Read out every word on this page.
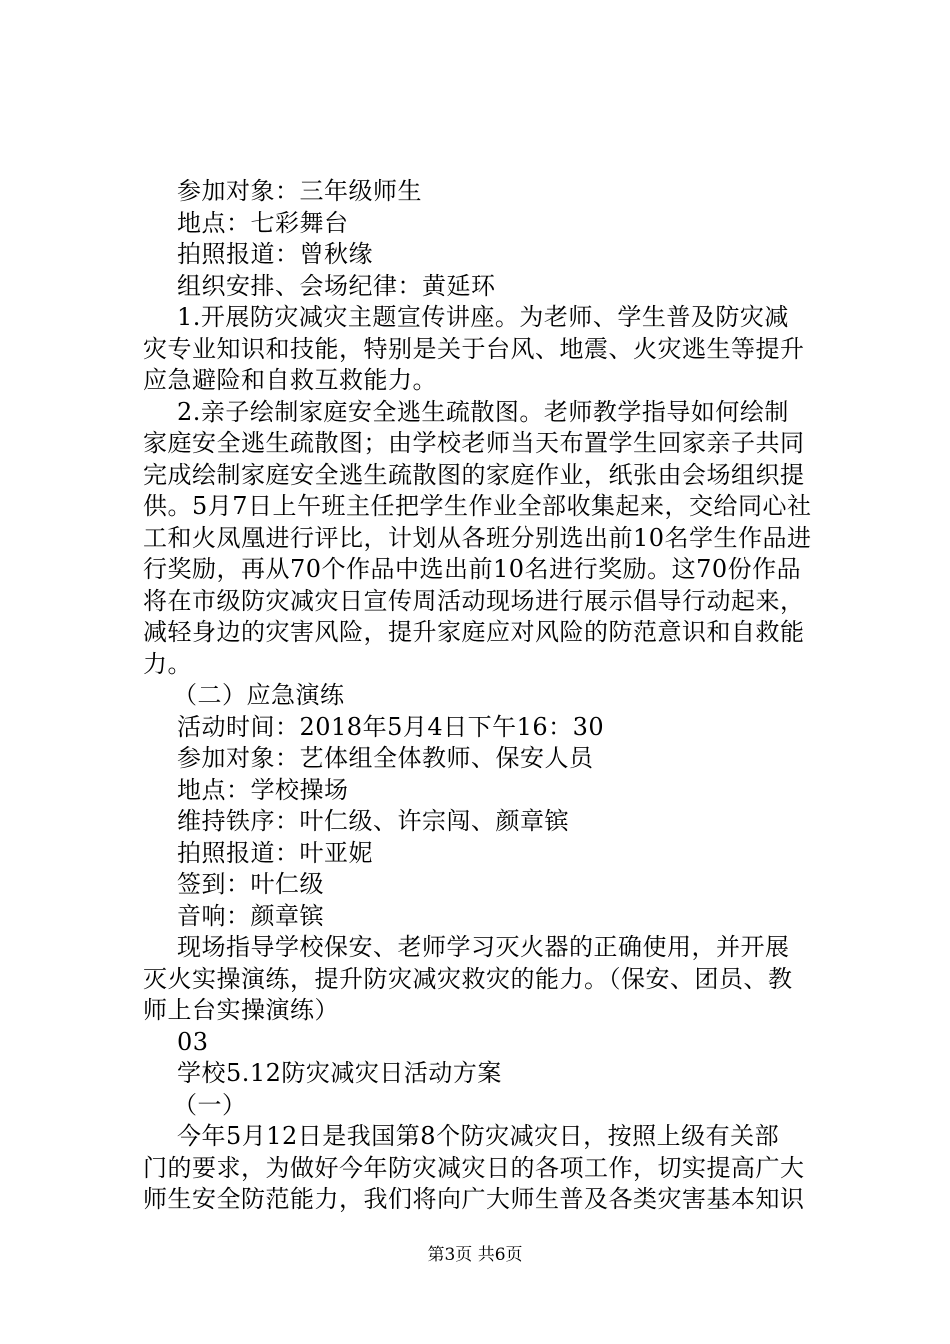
参加对象：三年级师生
地点：七彩舞台
拍照报道：曾秋缘
组织安排、会场纪律：黄延环
1.开展防灾减灾主题宣传讲座。为老师、学生普及防灾减
灾专业知识和技能，特别是关于台风、地震、火灾逃生等提升
应急避险和自救互救能力。
2.亲子绘制家庭安全逃生疏散图。老师教学指导如何绘制
家庭安全逃生疏散图；由学校老师当天布置学生回家亲子共同
完成绘制家庭安全逃生疏散图的家庭作业，纸张由会场组织提
供。5月7日上午班主任把学生作业全部收集起来，交给同心社
工和火凤凰进行评比，计划从各班分别选出前10名学生作品进
行奖励，再从70个作品中选出前10名进行奖励。这70份作品
将在市级防灾减灾日宣传周活动现场进行展示倡导行动起来，
减轻身边的灾害风险，提升家庭应对风险的防范意识和自救能
力。
（二）应急演练
活动时间：2018年5月4日下午16：30
参加对象：艺体组全体教师、保安人员
地点：学校操场
维持铁序：叶仁级、许宗闯、颜章镔
拍照报道：叶亚妮
签到：叶仁级
音响：颜章镔
现场指导学校保安、老师学习灭火器的正确使用，并开展
灭火实操演练，提升防灾减灾救灾的能力。（保安、团员、教
师上台实操演练）
03
学校5.12防灾减灾日活动方案
（一）
今年5月12日是我国第8个防灾减灾日，按照上级有关部
门的要求，为做好今年防灾减灾日的各项工作，切实提高广大
师生安全防范能力，我们将向广大师生普及各类灾害基本知识
第3页 共6页
